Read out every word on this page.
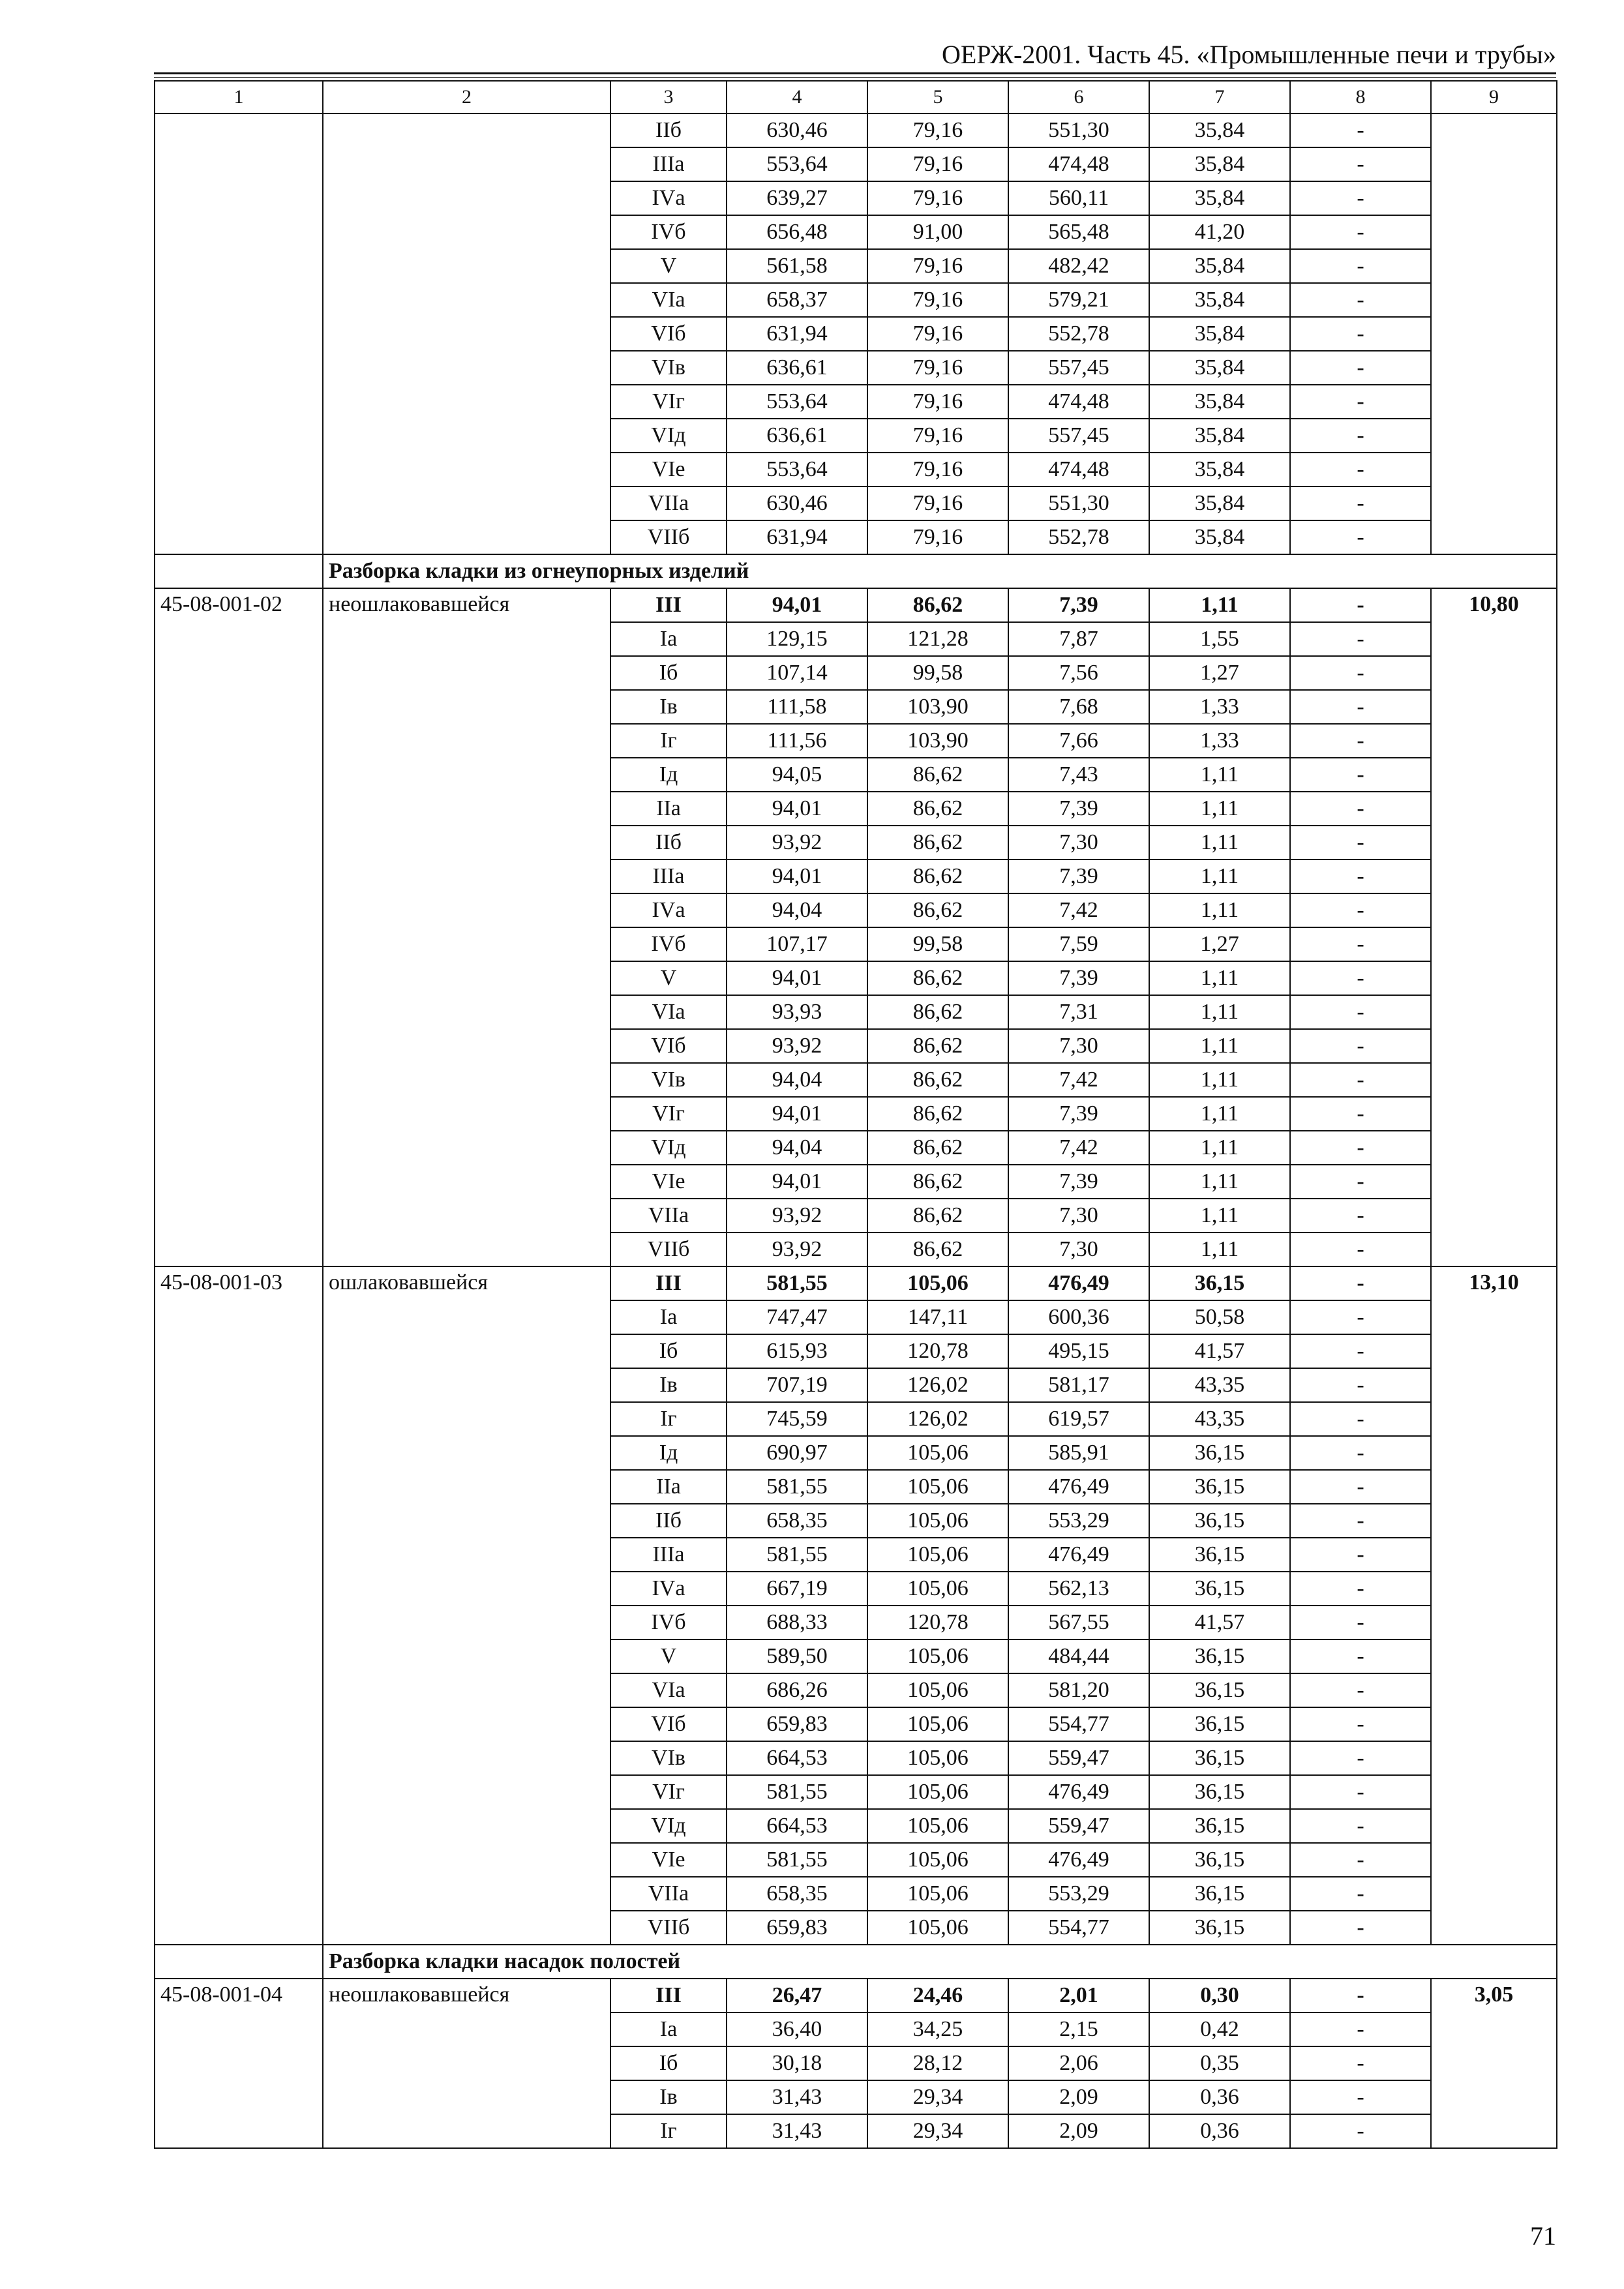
ОЕРЖ-2001. Часть 45. «Промышленные печи и трубы»
1	2	3	4	5	6	7	8	9
		IIб	630,46	79,16	551,30	35,84	-	
		IIIа	553,64	79,16	474,48	35,84	-	
		IVа	639,27	79,16	560,11	35,84	-	
		IVб	656,48	91,00	565,48	41,20	-	
		V	561,58	79,16	482,42	35,84	-	
		VIа	658,37	79,16	579,21	35,84	-	
		VIб	631,94	79,16	552,78	35,84	-	
		VIв	636,61	79,16	557,45	35,84	-	
		VIг	553,64	79,16	474,48	35,84	-	
		VIд	636,61	79,16	557,45	35,84	-	
		VIе	553,64	79,16	474,48	35,84	-	
		VIIа	630,46	79,16	551,30	35,84	-	
		VIIб	631,94	79,16	552,78	35,84	-	
	Разборка кладки из огнеупорных изделий							
45-08-001-02	неошлаковавшейся	III	94,01	86,62	7,39	1,11	-	10,80
		Iа	129,15	121,28	7,87	1,55	-	
		Iб	107,14	99,58	7,56	1,27	-	
		Iв	111,58	103,90	7,68	1,33	-	
		Iг	111,56	103,90	7,66	1,33	-	
		Iд	94,05	86,62	7,43	1,11	-	
		IIа	94,01	86,62	7,39	1,11	-	
		IIб	93,92	86,62	7,30	1,11	-	
		IIIа	94,01	86,62	7,39	1,11	-	
		IVа	94,04	86,62	7,42	1,11	-	
		IVб	107,17	99,58	7,59	1,27	-	
		V	94,01	86,62	7,39	1,11	-	
		VIа	93,93	86,62	7,31	1,11	-	
		VIб	93,92	86,62	7,30	1,11	-	
		VIв	94,04	86,62	7,42	1,11	-	
		VIг	94,01	86,62	7,39	1,11	-	
		VIд	94,04	86,62	7,42	1,11	-	
		VIе	94,01	86,62	7,39	1,11	-	
		VIIа	93,92	86,62	7,30	1,11	-	
		VIIб	93,92	86,62	7,30	1,11	-	
45-08-001-03	ошлаковавшейся	III	581,55	105,06	476,49	36,15	-	13,10
		Iа	747,47	147,11	600,36	50,58	-	
		Iб	615,93	120,78	495,15	41,57	-	
		Iв	707,19	126,02	581,17	43,35	-	
		Iг	745,59	126,02	619,57	43,35	-	
		Iд	690,97	105,06	585,91	36,15	-	
		IIа	581,55	105,06	476,49	36,15	-	
		IIб	658,35	105,06	553,29	36,15	-	
		IIIа	581,55	105,06	476,49	36,15	-	
		IVа	667,19	105,06	562,13	36,15	-	
		IVб	688,33	120,78	567,55	41,57	-	
		V	589,50	105,06	484,44	36,15	-	
		VIа	686,26	105,06	581,20	36,15	-	
		VIб	659,83	105,06	554,77	36,15	-	
		VIв	664,53	105,06	559,47	36,15	-	
		VIг	581,55	105,06	476,49	36,15	-	
		VIд	664,53	105,06	559,47	36,15	-	
		VIе	581,55	105,06	476,49	36,15	-	
		VIIа	658,35	105,06	553,29	36,15	-	
		VIIб	659,83	105,06	554,77	36,15	-	
	Разборка кладки насадок полостей							
45-08-001-04	неошлаковавшейся	III	26,47	24,46	2,01	0,30	-	3,05
		Iа	36,40	34,25	2,15	0,42	-	
		Iб	30,18	28,12	2,06	0,35	-	
		Iв	31,43	29,34	2,09	0,36	-	
		Iг	31,43	29,34	2,09	0,36	-	
71
